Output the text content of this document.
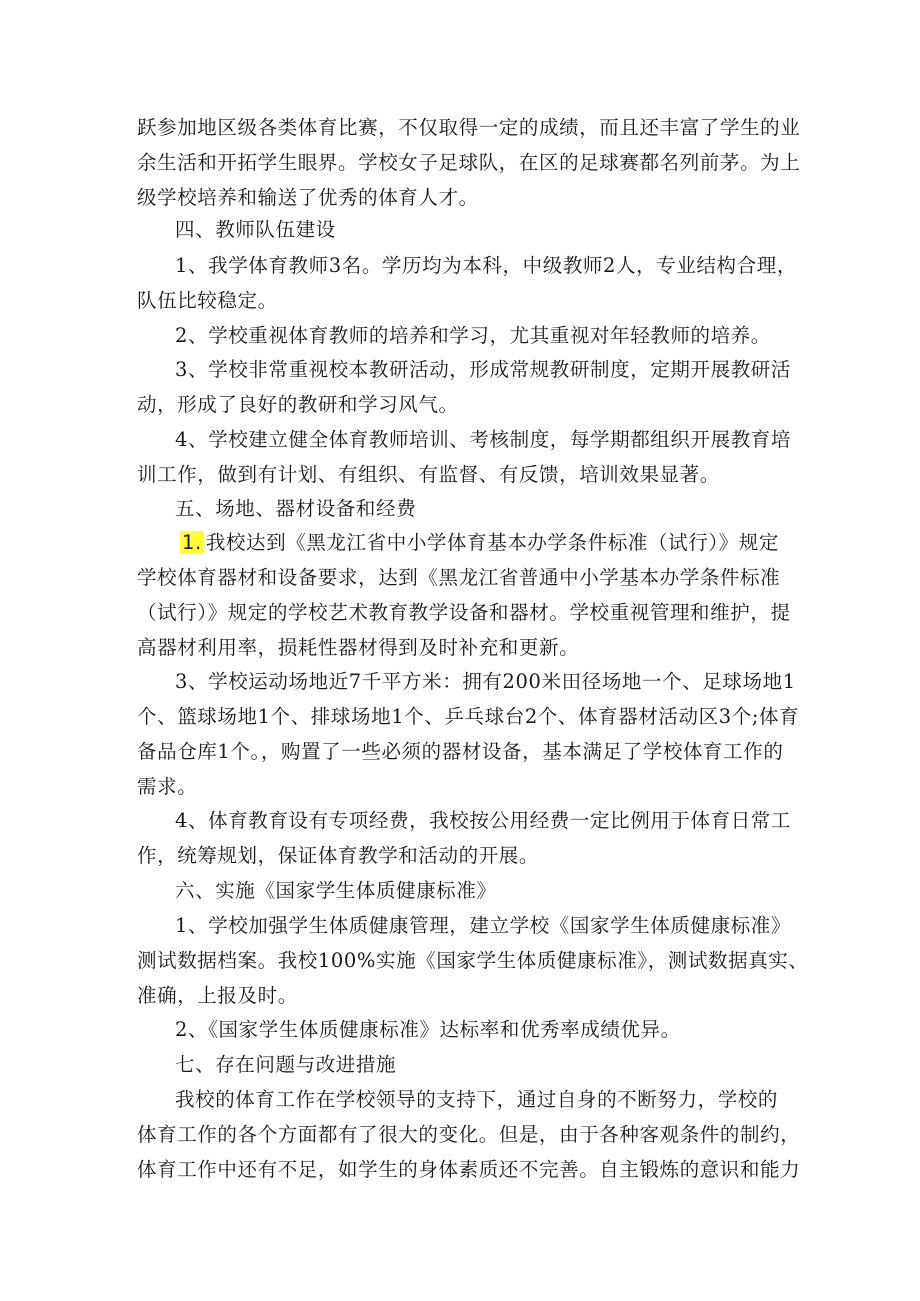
跃参加地区级各类体育比赛，不仅取得一定的成绩，而且还丰富了学生的业
余生活和开拓学生眼界。学校女子足球队，在区的足球赛都名列前茅。为上
级学校培养和输送了优秀的体育人才。
四、教师队伍建设
1、我学体育教师3名。学历均为本科，中级教师2人，专业结构合理，
队伍比较稳定。
2、学校重视体育教师的培养和学习，尤其重视对年轻教师的培养。
3、学校非常重视校本教研活动，形成常规教研制度，定期开展教研活
动，形成了良好的教研和学习风气。
4、学校建立健全体育教师培训、考核制度，每学期都组织开展教育培
训工作，做到有计划、有组织、有监督、有反馈，培训效果显著。
五、场地、器材设备和经费
1. 我校达到《黑龙江省中小学体育基本办学条件标准（试行）》规定
学校体育器材和设备要求，达到《黑龙江省普通中小学基本办学条件标准
（试行）》规定的学校艺术教育教学设备和器材。学校重视管理和维护，提
高器材利用率，损耗性器材得到及时补充和更新。
3、学校运动场地近7千平方米：拥有200米田径场地一个、足球场地1
个、篮球场地1个、排球场地1个、乒乓球台2个、体育器材活动区3个;体育
备品仓库1个。，购置了一些必须的器材设备，基本满足了学校体育工作的
需求。
4、体育教育设有专项经费，我校按公用经费一定比例用于体育日常工
作，统筹规划，保证体育教学和活动的开展。
六、实施《国家学生体质健康标准》
1、学校加强学生体质健康管理，建立学校《国家学生体质健康标准》
测试数据档案。我校100%实施《国家学生体质健康标准》，测试数据真实、
准确，上报及时。
2、《国家学生体质健康标准》达标率和优秀率成绩优异。
七、存在问题与改进措施
我校的体育工作在学校领导的支持下，通过自身的不断努力，学校的
体育工作的各个方面都有了很大的变化。但是，由于各种客观条件的制约，
体育工作中还有不足，如学生的身体素质还不完善。自主锻炼的意识和能力
